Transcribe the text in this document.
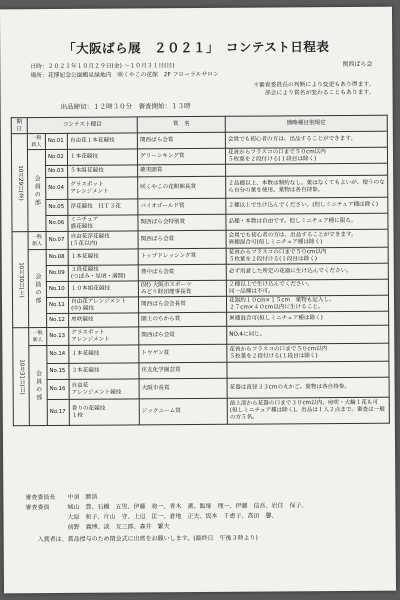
「大阪ばら展　２０２１」　コンテスト日程表
日時：２０２１年１０月２９日(金) ～１０月３１日(日)	関西ばら会
場所：花博記念公園鶴見緑地内　咲くやこの花館　2F フローラルサロン
＊審査委員長の判断により変更もあり得ます。
部会により賞名が変わることもあります。
出品締切：１２時３０分　審査開始：１３時
期日	コンテスト種目			賞　名	簡略種目別規定
10月29日(金)	一般新人	No.01	自由花１本花競技	関西ばら会賞	会員でも初心者の方は、出品することができます。
	会員の部	No.02	１本花競技	グリーンキング賞	花首からフラスコの口まで５０cm以内
５枚葉を２段付ける(１段目は除く)
		No.03	５本組花競技	確実園賞	
		No.04	グラスポット
アレンジメント	咲くやこの花館館長賞	２品種以上、本数は制約なし。葉はなくてもよいが、使うのなら自分の葉を使用。葉物は各自持参。
		No.05	浮花競技　ＨＴ３花	バイオゴールド賞	２種以上で生け込んでください。(但しミニチュア種は除く)
		No.06	ミニチュア
盛花競技	関西ばら会特別賞	品種・本数は自由です。但しミニチュア種に限る。
10月30日(土)	一般新人	No.07	自由花浮花競技
(５花以内)	関西ばら会賞	会員でも初心者の方は、出品することができます。
異種混合可(但しミニチュア種は除く)
	会員の部	No.08	１本花競技	トップドレッシング賞	花首からフラスコの口まで５０cm以内
５枚葉を２段付ける(１段目は除く)
		No.09	３段花競技
(つぼみ・見頃・満開)	豊中ばら会賞	必ず用意した所定の花器に生け込んでください。
		No.10	１０本組花競技	(財) 大阪市スポーツ
みどり財団理事長賞	２種以上で生け込んでください。
同一品種は不可。
		No.11	自由花アレンジメント
(中) 競技	関西ばら会会長賞	花器約１０cm×１５cm　葉物も記入し、
２７cm×４０cm以内に生けること。
		No.12	房咲競技	園土のちから賞	異種混合可(但しミニチュア種は除く)
10月31日(日)	一般新人	No.13	グラスポット
アレンジメント	関西ばら会賞	NO.4に同じ。
	会員の部	No.14	１本花競技	トウゲン賞	花首からフラスコの口まで５０cm以内
５枚葉を２段付ける(１段目は除く)
		No.15	３本花競技	住友化学園芸賞	
		No.16	自由花
アレンジメント競技	大阪市長賞	花器は直径３３cmの丸かご。葉物は各自持参。
		No.17	香りの花競技
１枝	ジックニーム賞	最上部から花器の口まで３０cm以内。房咲・大輪１花も可 (但しミニチュア種は除く)。出品は１人２点まで。審査は一般の方５名。
審査委員長　　中須　勝浩
審査委員　　　城山　豊、石橋　五男、伊藤　将一、青木　薫、飯塚　理一、伊藤　信吾、岩住　保子、
　　　　　　　大原　和子、片山　守、上辺　匡一、倉地　正夫、坂本　千恵子、高田　馨、
　　　　　　　前野　義博、淡　友三郎、森井　繁夫
　　入賞者は、賞品授与のため閉会式に出席をお願いします。(最終日　午後３時より)
